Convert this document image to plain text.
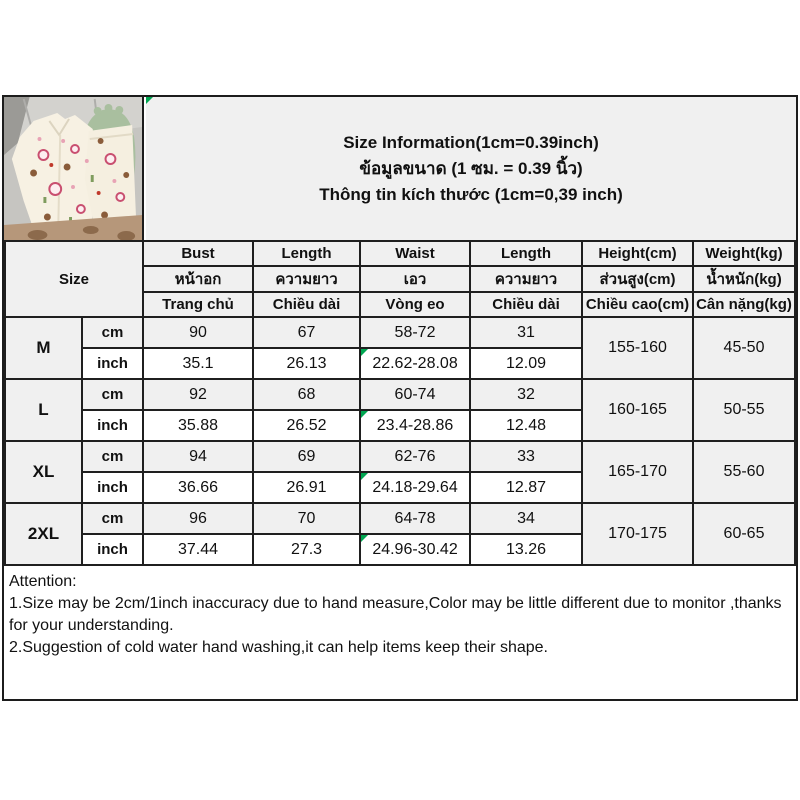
Size Information(1cm=0.39inch)
ข้อมูลขนาด (1 ซม. = 0.39 นิ้ว)
Thông tin kích thước (1cm=0,39 inch)
Size		Bust	Length	Waist	Length	Height(cm)	Weight(kg)
		หน้าอก	ความยาว	เอว	ความยาว	ส่วนสูง(cm)	น้ำหนัก(kg)
		Trang chủ	Chiều dài	Vòng eo	Chiều dài	Chiều cao(cm)	Cân nặng(kg)
M	cm	90	67	58-72	31	155-160	45-50
	inch	35.1	26.13	22.62-28.08	12.09		
L	cm	92	68	60-74	32	160-165	50-55
	inch	35.88	26.52	23.4-28.86	12.48		
XL	cm	94	69	62-76	33	165-170	55-60
	inch	36.66	26.91	24.18-29.64	12.87		
2XL	cm	96	70	64-78	34	170-175	60-65
	inch	37.44	27.3	24.96-30.42	13.26		
Attention:
1.Size may be 2cm/1inch inaccuracy due to hand measure,Color may be little different due to monitor ,thanks for your understanding.
2.Suggestion of cold water hand washing,it can help items keep their shape.
